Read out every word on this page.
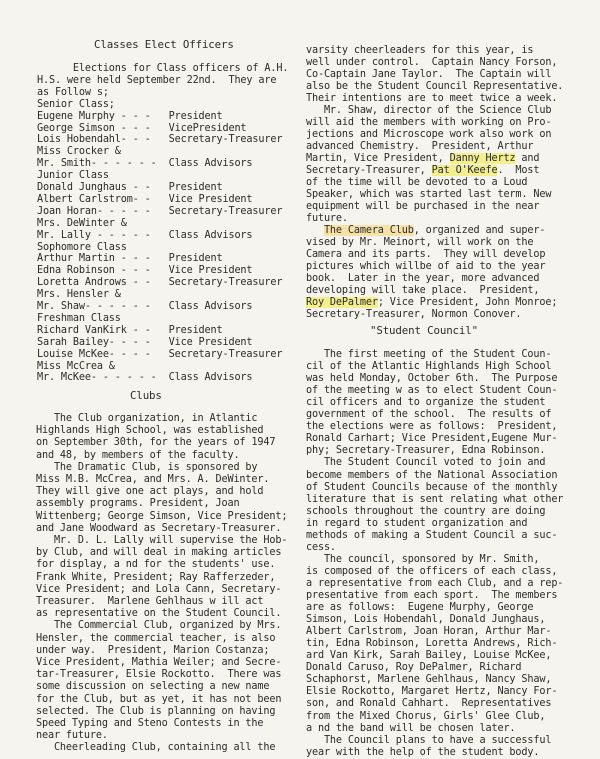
Classes Elect Officers
Elections for Class officers of A.H.
H.S. were held September 22nd.  They are
as Follow s;
Senior Class;
Eugene Murphy - - -   President
George Simson - - -   VicePresident
Lois Hobendahl- - -   Secretary-Treasurer
Miss Crocker &
Mr. Smith- - - - - -  Class Advisors
Junior Class
Donald Junghaus - -   President
Albert Carlstrom- -   Vice President
Joan Horan- - - - -   Secretary-Treasurer
Mrs. DeWinter &
Mr. Lally - - - - -   Class Advisors
Sophomore Class
Arthur Martin - - -   President
Edna Robinson - - -   Vice President
Loretta Androws - -   Secretary-Treasurer
Mrs. Hensler &
Mr. Shaw- - - - - -   Class Advisors
Freshman Class
Richard VanKirk - -   President
Sarah Bailey- - - -   Vice President
Louise McKee- - - -   Secretary-Treasurer
Miss McCrea &
Mr. McKee- - - - - -  Class Advisors
Clubs
The Club organization, in Atlantic
Highlands High School, was established
on September 30th, for the years of 1947
and 48, by members of the faculty.
The Dramatic Club, is sponsored by
Miss M.B. McCrea, and Mrs. A. DeWinter.
They will give one act plays, and hold
assembly programs. President, Joan
Wittenberg; George Simson, Vice President;
and Jane Woodward as Secretary-Treasurer.
Mr. D. L. Lally will supervise the Hob-
by Club, and will deal in making articles
for display, a nd for the students' use.
Frank White, President; Ray Rafferzeder,
Vice President; and Lola Cann, Secretary-
Treasurer.  Marlene Gehlhaus w ill act
as representative on the Student Council.
The Commercial Club, organized by Mrs.
Hensler, the commercial teacher, is also
under way.  President, Marion Costanza;
Vice President, Mathia Weiler; and Secre-
tar-Treasurer, Elsie Rockotto.  There was
some discussion on selecting a new name
for the Club, but as yet, it has not been
selected. The Club is planning on having
Speed Typing and Steno Contests in the
near future.
Cheerleading Club, containing all the
varsity cheerleaders for this year, is
well under control.  Captain Nancy Forson,
Co-Captain Jane Taylor.  The Captain will
also be the Student Council Representative.
Their intentions are to meet twice a week.
Mr. Shaw, director of the Science Club
will aid the members with working on Pro-
jections and Microscope work also work on
advanced Chemistry.  President, Arthur
Martin, Vice President, Danny Hertz and
Secretary-Treasurer, Pat O'Keefe.  Most
of the time will be devoted to a Loud
Speaker, which was started last term. New
equipment will be purchased in the near
future.
The Camera Club, organized and super-
vised by Mr. Meinort, will work on the
Camera and its parts.  They will develop
pictures which willbe of aid to the year
book.  Later in the year, more advanced
developing will take place.  President,
Roy DePalmer; Vice President, John Monroe;
Secretary-Treasurer, Normon Conover.
"Student Council"
The first meeting of the Student Coun-
cil of the Atlantic Highlands High School
was held Monday, October 6th.  The Purpose
of the meeting w as to elect Student Coun-
cil officers and to organize the student
government of the school.  The results of
the elections were as follows:  President,
Ronald Carhart; Vice President,Eugene Mur-
phy; Secretary-Treasurer, Edna Robinson.
The Student Council voted to join and
become members of the National Association
of Student Councils because of the monthly
literature that is sent relating what other
schools throughout the country are doing
in regard to student organization and
methods of making a Student Council a suc-
cess.
The council, sponsored by Mr. Smith,
is composed of the officers of each class,
a representative from each Club, and a rep-
presentative from each sport.  The members
are as follows:  Eugene Murphy, George
Simson, Lois Hobendahl, Donald Junghaus,
Albert Carlstrom, Joan Horan, Arthur Mar-
tin, Edna Robinson, Loretta Andrews, Rich-
ard Van Kirk, Sarah Bailey, Louise McKee,
Donald Caruso, Roy DePalmer, Richard
Schaphorst, Marlene Gehlhaus, Nancy Shaw,
Elsie Rockotto, Margaret Hertz, Nancy For-
son, and Ronald Cahhart.  Representatives
from the Mixed Chorus, Girls' Glee Club,
a nd the band will be chosen later.
The Council plans to have a successful
year with the help of the student body.
